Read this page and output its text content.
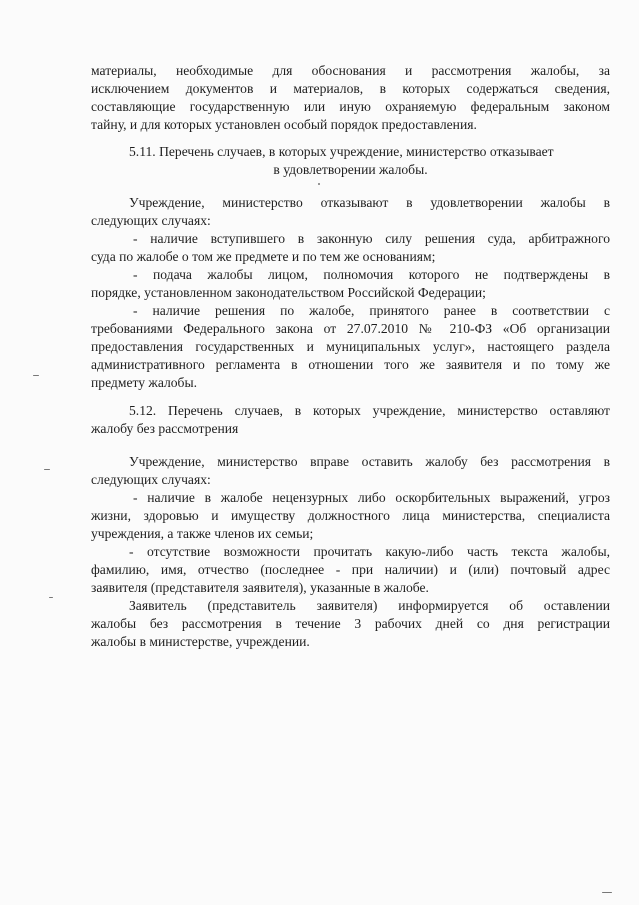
материалы, необходимые для обоснования и рассмотрения жалобы, за
исключением документов и материалов, в которых содержаться сведения,
составляющие государственную или иную охраняемую федеральным законом
тайну, и для которых установлен особый порядок предоставления.
5.11. Перечень случаев, в которых учреждение, министерство отказывает
в удовлетворении жалобы.
Учреждение, министерство отказывают в удовлетворении жалобы в
следующих случаях:
- наличие вступившего в законную силу решения суда, арбитражного
суда по жалобе о том же предмете и по тем же основаниям;
- подача жалобы лицом, полномочия которого не подтверждены в
порядке, установленном законодательством Российской Федерации;
- наличие решения по жалобе, принятого ранее в соответствии с
требованиями Федерального закона от 27.07.2010 № 210-ФЗ «Об организации
предоставления государственных и муниципальных услуг», настоящего раздела
административного регламента в отношении того же заявителя и по тому же
предмету жалобы.
5.12. Перечень случаев, в которых учреждение, министерство оставляют
жалобу без рассмотрения
Учреждение, министерство вправе оставить жалобу без рассмотрения в
следующих случаях:
- наличие в жалобе нецензурных либо оскорбительных выражений, угроз
жизни, здоровью и имуществу должностного лица министерства, специалиста
учреждения, а также членов их семьи;
- отсутствие возможности прочитать какую-либо часть текста жалобы,
фамилию, имя, отчество (последнее - при наличии) и (или) почтовый адрес
заявителя (представителя заявителя), указанные в жалобе.
Заявитель (представитель заявителя) информируется об оставлении
жалобы без рассмотрения в течение 3 рабочих дней со дня регистрации
жалобы в министерстве, учреждении.
